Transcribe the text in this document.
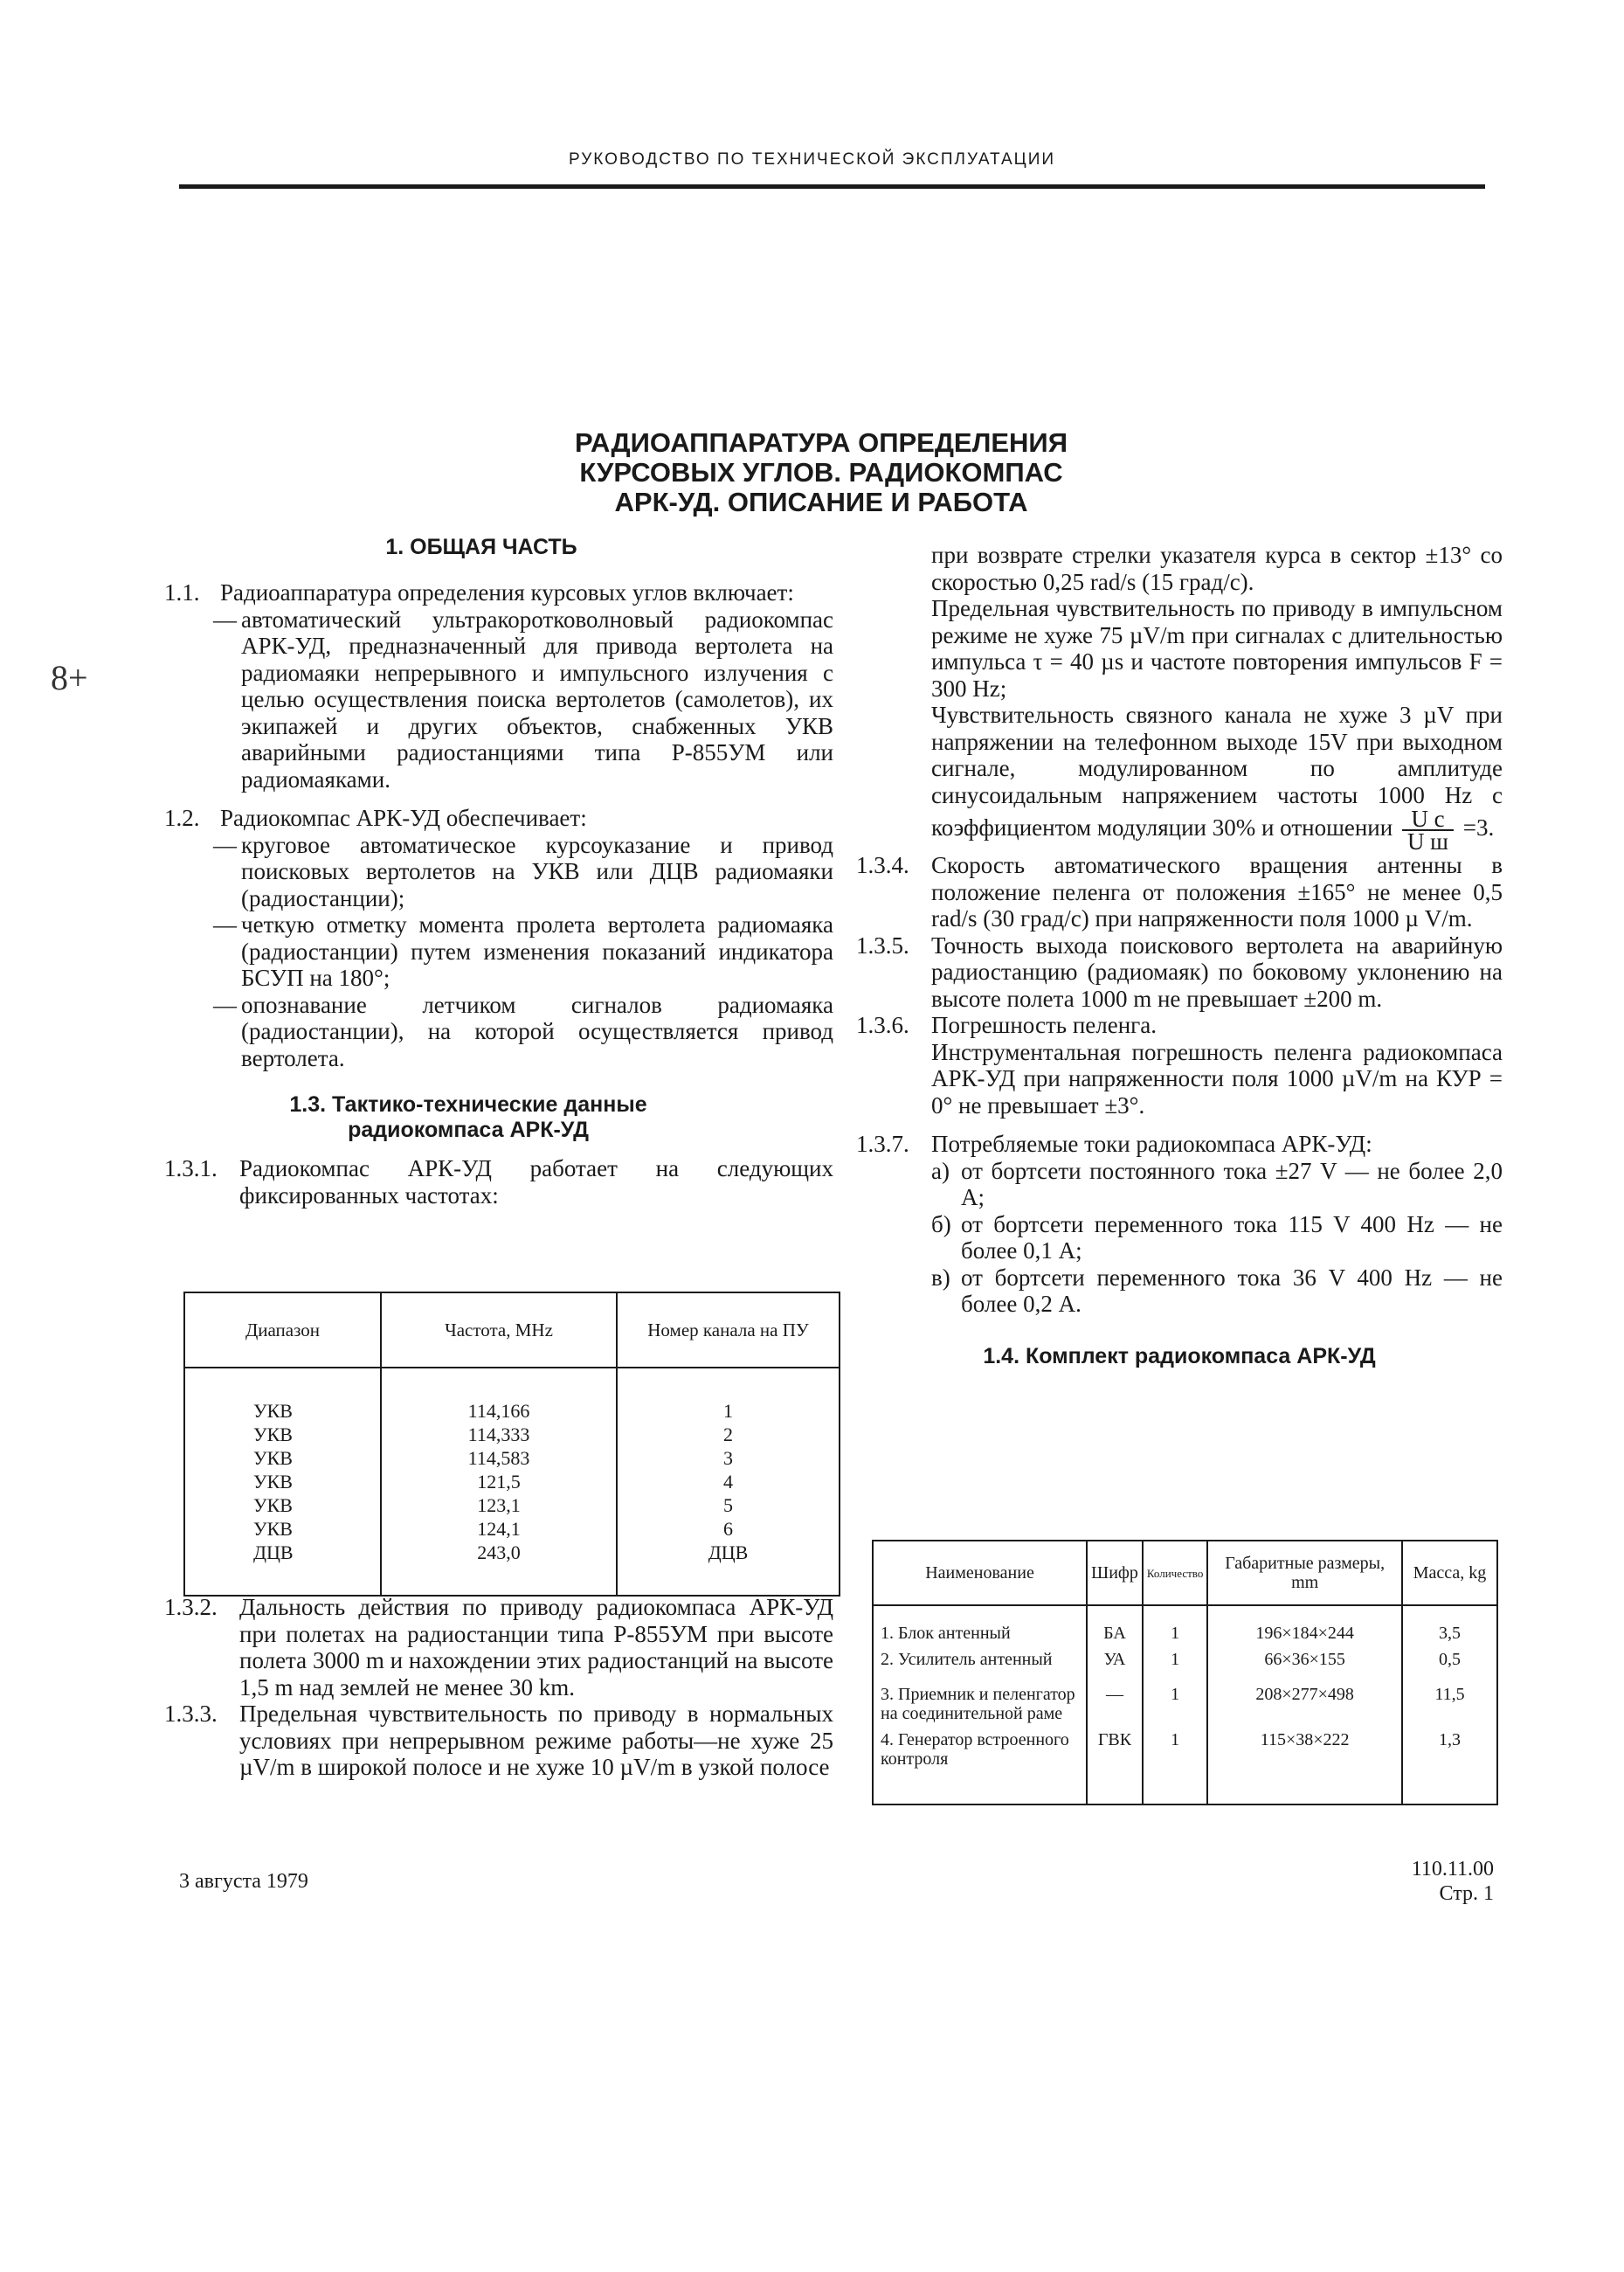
РУКОВОДСТВО ПО ТЕХНИЧЕСКОЙ ЭКСПЛУАТАЦИИ
8+
РАДИОАППАРАТУРА ОПРЕДЕЛЕНИЯ
КУРСОВЫХ УГЛОВ. РАДИОКОМПАС
АРК-УД. ОПИСАНИЕ И РАБОТА
1. ОБЩАЯ ЧАСТЬ
1.1. Радиоаппаратура определения курсовых углов включает:
— автоматический ультракоротковолновый радиокомпас АРК-УД, предназначенный для привода вертолета на радиомаяки непрерывного и импульсного излучения с целью осуществления поиска вертолетов (самолетов), их экипажей и других объектов, снабженных УКВ аварийными радиостанциями типа Р-855УМ или радиомаяками.
1.2. Радиокомпас АРК-УД обеспечивает:
— круговое автоматическое курсоуказание и привод поисковых вертолетов на УКВ или ДЦВ радиомаяки (радиостанции);
— четкую отметку момента пролета вертолета радиомаяка (радиостанции) путем изменения показаний индикатора БСУП на 180°;
— опознавание летчиком сигналов радиомаяка (радиостанции), на которой осуществляется привод вертолета.
1.3. Тактико-технические данные радиокомпаса АРК-УД
1.3.1. Радиокомпас АРК-УД работает на следующих фиксированных частотах:
Диапазон	Частота, MHz	Номер канала на ПУ
УКВ	114,166	1
УКВ	114,333	2
УКВ	114,583	3
УКВ	121,5	4
УКВ	123,1	5
УКВ	124,1	6
ДЦВ	243,0	ДЦВ
1.3.2. Дальность действия по приводу радиокомпаса АРК-УД при полетах на радиостанции типа Р-855УМ при высоте полета 3000 m и нахождении этих радиостанций на высоте 1,5 m над землей не менее 30 km.
1.3.3. Предельная чувствительность по приводу в нормальных условиях при непрерывном режиме работы—не хуже 25 µV/m в широкой полосе и не хуже 10 µV/m в узкой полосе
при возврате стрелки указателя курса в сектор ±13° со скоростью 0,25 rad/s (15 град/с).
Предельная чувствительность по приводу в импульсном режиме не хуже 75 µV/m при сигналах с длительностью импульса τ = 40 µs и частоте повторения импульсов F = 300 Hz;
Чувствительность связного канала не хуже 3 µV при напряжении на телефонном выходе 15V при выходном сигнале, модулированном по амплитуде синусоидальным напряжением частоты 1000 Hz с коэффициентом модуляции 30% и отношении $\frac{\text{U с}}{\text{U ш}} =3$.
1.3.4. Скорость автоматического вращения антенны в положение пеленга от положения ±165° не менее 0,5 rad/s (30 град/с) при напряженности поля 1000 µ V/m.
1.3.5. Точность выхода поискового вертолета на аварийную радиостанцию (радиомаяк) по боковому уклонению на высоте полета 1000 m не превышает ±200 m.
1.3.6. Погрешность пеленга.
Инструментальная погрешность пеленга радиокомпаса АРК-УД при напряженности поля 1000 µV/m на КУР = 0° не превышает ±3°.
1.3.7. Потребляемые токи радиокомпаса АРК-УД:
а) от бортсети постоянного тока ±27 V — не более 2,0 А;
б) от бортсети переменного тока 115 V 400 Hz — не более 0,1 А;
в) от бортсети переменного тока 36 V 400 Hz — не более 0,2 А.
1.4. Комплект радиокомпаса АРК-УД
Наименование	Шифр	Количество	Габаритные размеры, mm	Масса, kg
1. Блок антенный	БА	1	196×184×244	3,5
2. Усилитель антенный	УА	1	66×36×155	0,5
3. Приемник и пеленгатор на соединительной раме	—	1	208×277×498	11,5
4. Генератор встроенного контроля	ГВК	1	115×38×222	1,3
3 августа 1979
110.11.00
Стр. 1
